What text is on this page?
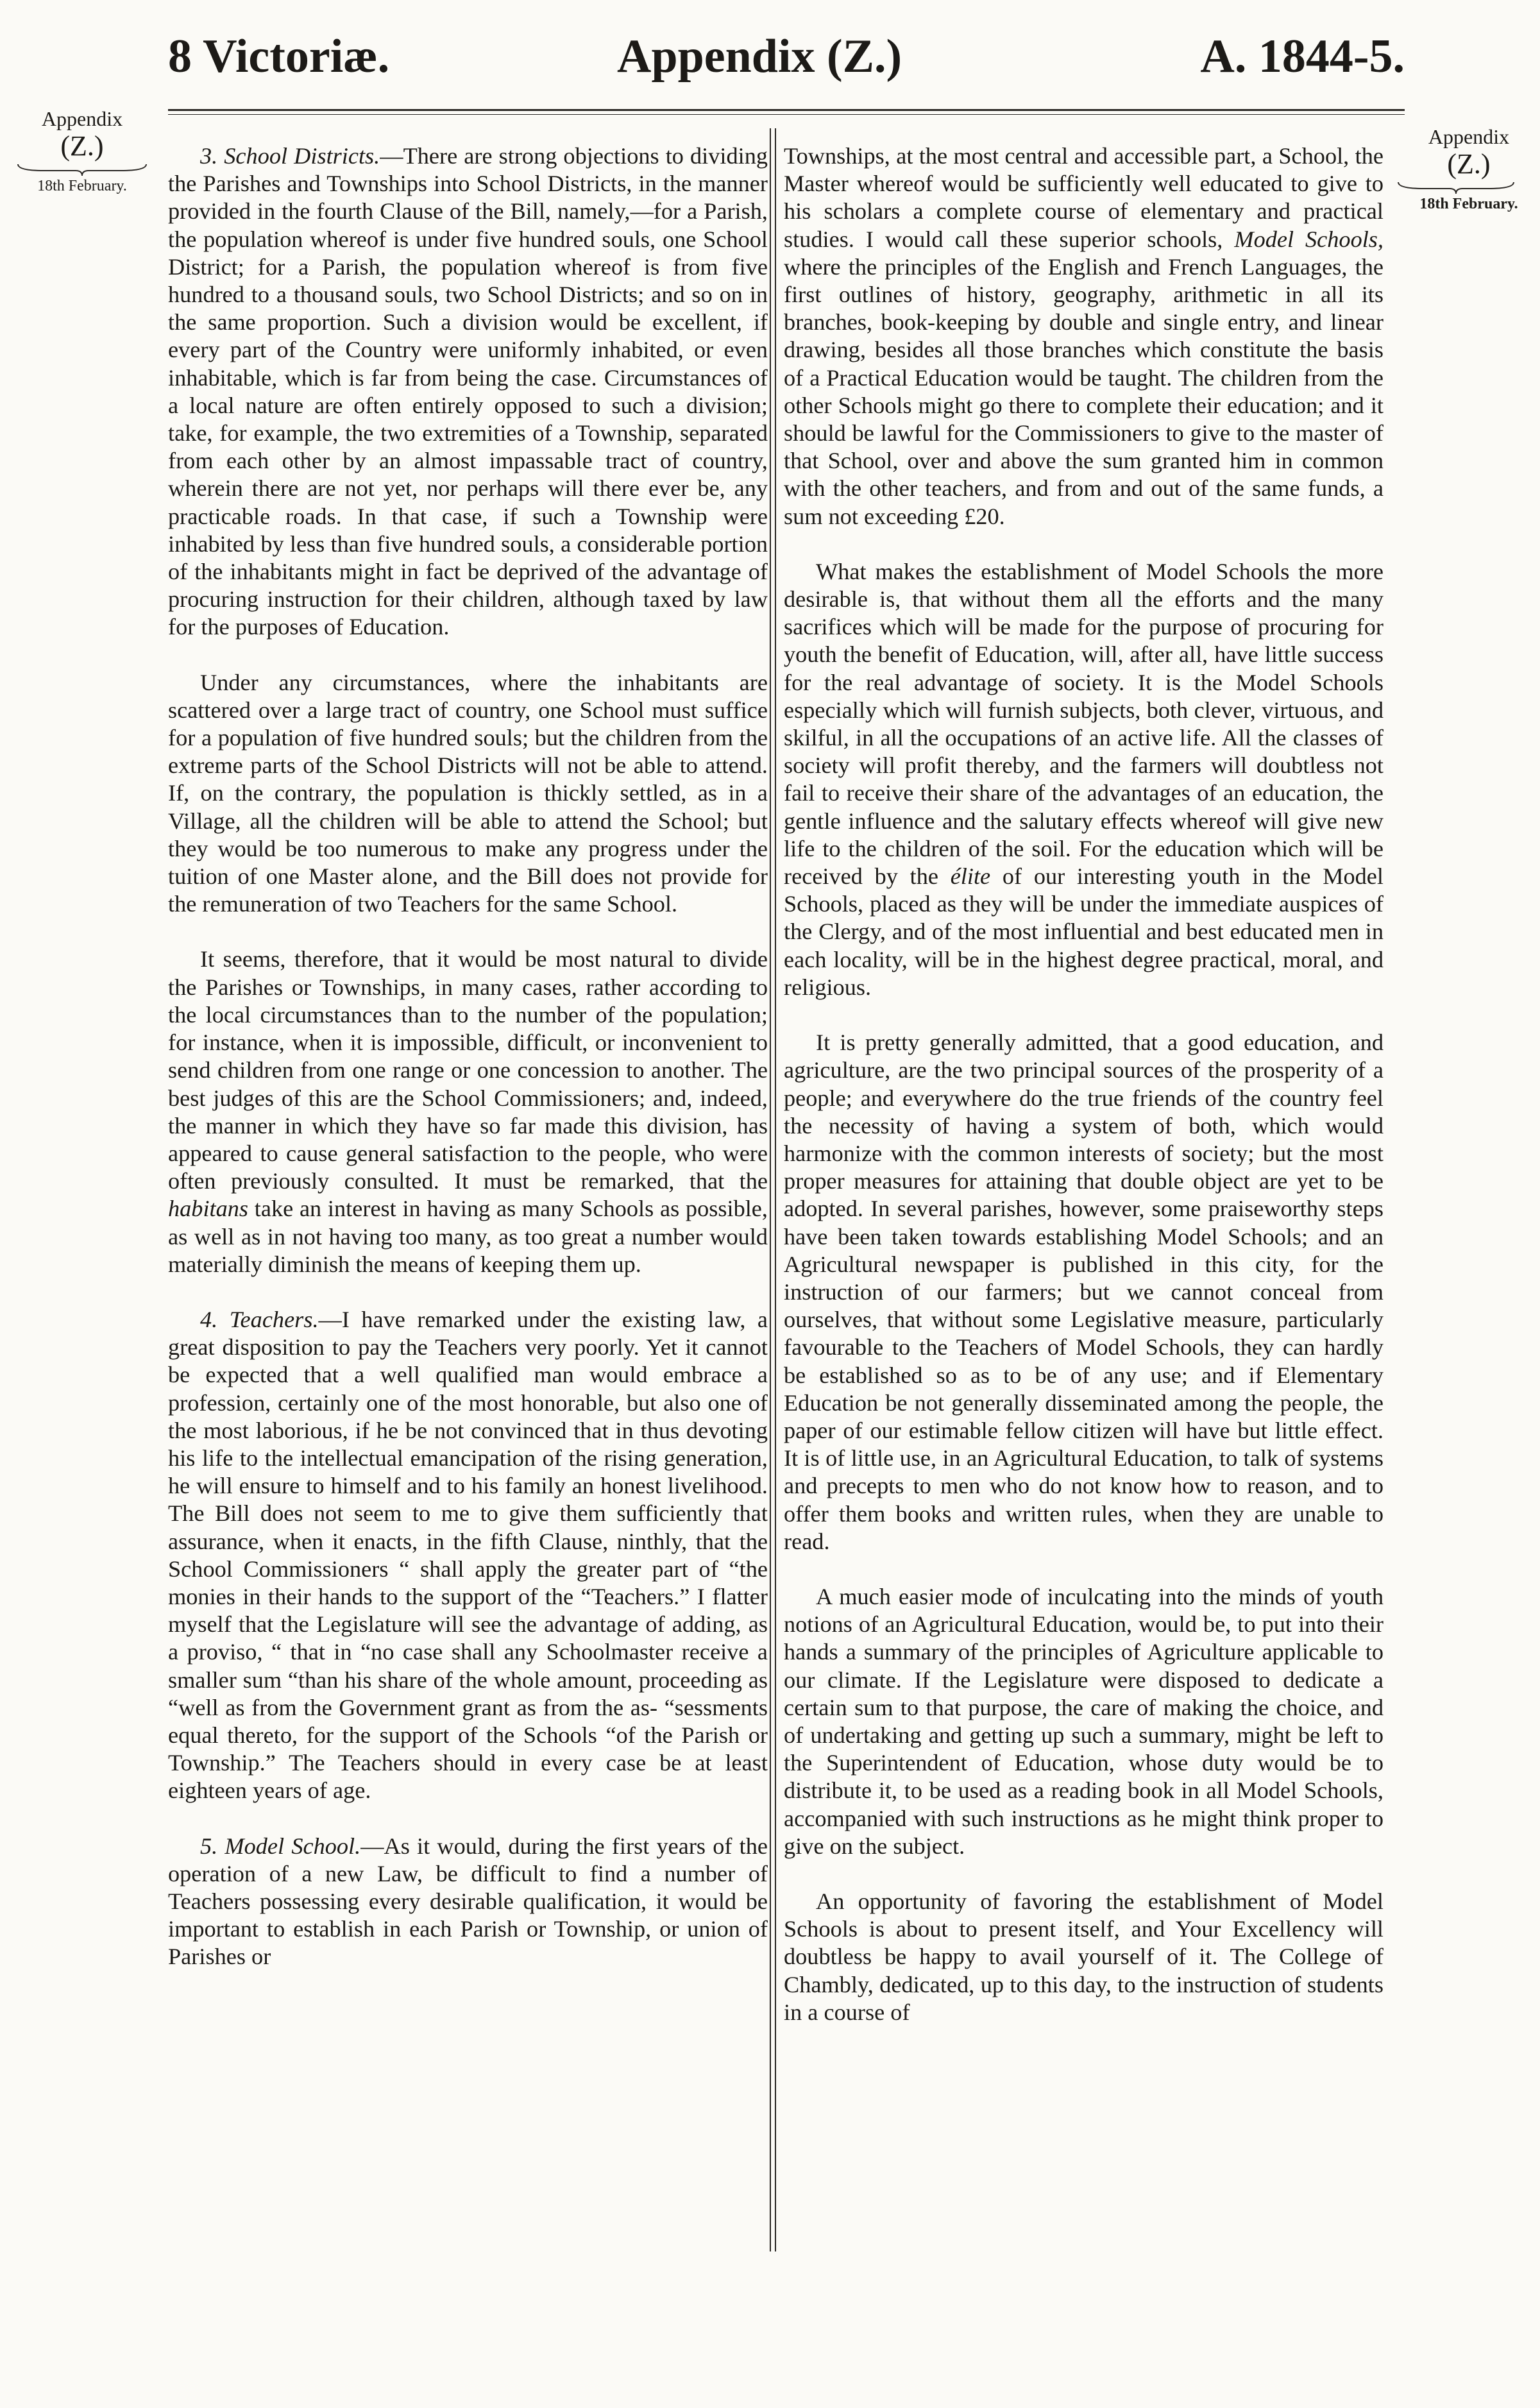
8 Victoriæ.	Appendix (Z.)	A. 1844-5.
Appendix
(Z.)
18th February.
Appendix
(Z.)
18th February.

3. School Districts.—There are strong objections to dividing the Parishes and Townships into School Districts, in the manner provided in the fourth Clause of the Bill, namely,—for a Parish, the population whereof is under five hundred souls, one School District; for a Parish, the population whereof is from five hundred to a thousand souls, two School Districts; and so on in the same proportion. Such a division would be excellent, if every part of the Country were uniformly inhabited, or even inhabitable, which is far from being the case. Circumstances of a local nature are often entirely opposed to such a division; take, for example, the two extremities of a Township, separated from each other by an almost impassable tract of country, wherein there are not yet, nor perhaps will there ever be, any practicable roads. In that case, if such a Township were inhabited by less than five hundred souls, a considerable portion of the inhabitants might in fact be deprived of the advantage of procuring instruction for their children, although taxed by law for the purposes of Education.

Under any circumstances, where the inhabitants are scattered over a large tract of country, one School must suffice for a population of five hundred souls; but the children from the extreme parts of the School Districts will not be able to attend. If, on the contrary, the population is thickly settled, as in a Village, all the children will be able to attend the School; but they would be too numerous to make any progress under the tuition of one Master alone, and the Bill does not provide for the remuneration of two Teachers for the same School.

It seems, therefore, that it would be most natural to divide the Parishes or Townships, in many cases, rather according to the local circumstances than to the number of the population; for instance, when it is impossible, difficult, or inconvenient to send children from one range or one concession to another. The best judges of this are the School Commissioners; and, indeed, the manner in which they have so far made this division, has appeared to cause general satisfaction to the people, who were often previously consulted. It must be remarked, that the habitans take an interest in having as many Schools as possible, as well as in not having too many, as too great a number would materially diminish the means of keeping them up.

4. Teachers.—I have remarked under the existing law, a great disposition to pay the Teachers very poorly. Yet it cannot be expected that a well qualified man would embrace a profession, certainly one of the most honorable, but also one of the most laborious, if he be not convinced that in thus devoting his life to the intellectual emancipation of the rising generation, he will ensure to himself and to his family an honest livelihood. The Bill does not seem to me to give them sufficiently that assurance, when it enacts, in the fifth Clause, ninthly, that the School Commissioners “ shall apply the greater part of “the monies in their hands to the support of the “Teachers.” I flatter myself that the Legislature will see the advantage of adding, as a proviso, “ that in “no case shall any Schoolmaster receive a smaller sum “than his share of the whole amount, proceeding as “well as from the Government grant as from the as- “sessments equal thereto, for the support of the Schools “of the Parish or Township.” The Teachers should in every case be at least eighteen years of age.

5. Model School.—As it would, during the first years of the operation of a new Law, be difficult to find a number of Teachers possessing every desirable qualification, it would be important to establish in each Parish or Township, or union of Parishes or

Townships, at the most central and accessible part, a School, the Master whereof would be sufficiently well educated to give to his scholars a complete course of elementary and practical studies. I would call these superior schools, Model Schools, where the principles of the English and French Languages, the first outlines of history, geography, arithmetic in all its branches, book-keeping by double and single entry, and linear drawing, besides all those branches which constitute the basis of a Practical Education would be taught. The children from the other Schools might go there to complete their education; and it should be lawful for the Commissioners to give to the master of that School, over and above the sum granted him in common with the other teachers, and from and out of the same funds, a sum not exceeding £20.

What makes the establishment of Model Schools the more desirable is, that without them all the efforts and the many sacrifices which will be made for the purpose of procuring for youth the benefit of Education, will, after all, have little success for the real advantage of society. It is the Model Schools especially which will furnish subjects, both clever, virtuous, and skilful, in all the occupations of an active life. All the classes of society will profit thereby, and the farmers will doubtless not fail to receive their share of the advantages of an education, the gentle influence and the salutary effects whereof will give new life to the children of the soil. For the education which will be received by the élite of our interesting youth in the Model Schools, placed as they will be under the immediate auspices of the Clergy, and of the most influential and best educated men in each locality, will be in the highest degree practical, moral, and religious.

It is pretty generally admitted, that a good education, and agriculture, are the two principal sources of the prosperity of a people; and everywhere do the true friends of the country feel the necessity of having a system of both, which would harmonize with the common interests of society; but the most proper measures for attaining that double object are yet to be adopted. In several parishes, however, some praiseworthy steps have been taken towards establishing Model Schools; and an Agricultural newspaper is published in this city, for the instruction of our farmers; but we cannot conceal from ourselves, that without some Legislative measure, particularly favourable to the Teachers of Model Schools, they can hardly be established so as to be of any use; and if Elementary Education be not generally disseminated among the people, the paper of our estimable fellow citizen will have but little effect. It is of little use, in an Agricultural Education, to talk of systems and precepts to men who do not know how to reason, and to offer them books and written rules, when they are unable to read.

A much easier mode of inculcating into the minds of youth notions of an Agricultural Education, would be, to put into their hands a summary of the principles of Agriculture applicable to our climate. If the Legislature were disposed to dedicate a certain sum to that purpose, the care of making the choice, and of undertaking and getting up such a summary, might be left to the Superintendent of Education, whose duty would be to distribute it, to be used as a reading book in all Model Schools, accompanied with such instructions as he might think proper to give on the subject.

An opportunity of favoring the establishment of Model Schools is about to present itself, and Your Excellency will doubtless be happy to avail yourself of it. The College of Chambly, dedicated, up to this day, to the instruction of students in a course of
